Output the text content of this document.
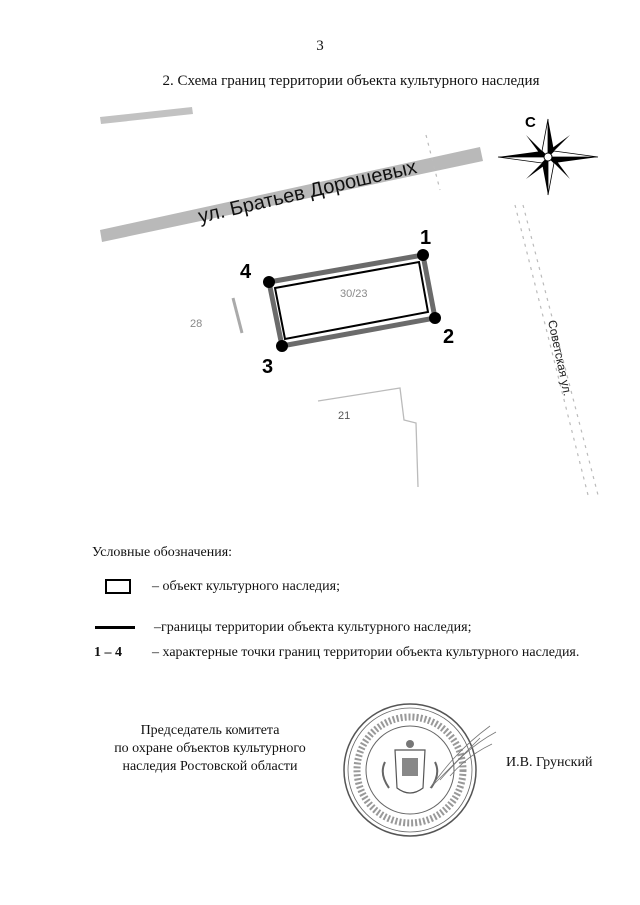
3
2. Схема границ территории объекта культурного наследия
ул. Братьев Дорошевых
Советская ул.
28
21
30/23
1
2
3
4
С
Условные обозначения:
– объект культурного наследия;
–границы территории объекта культурного наследия;
1 – 4 – характерные точки границ территории объекта культурного наследия.
Председатель комитета
по охране объектов культурного
наследия Ростовской области	И.В. Грунский
